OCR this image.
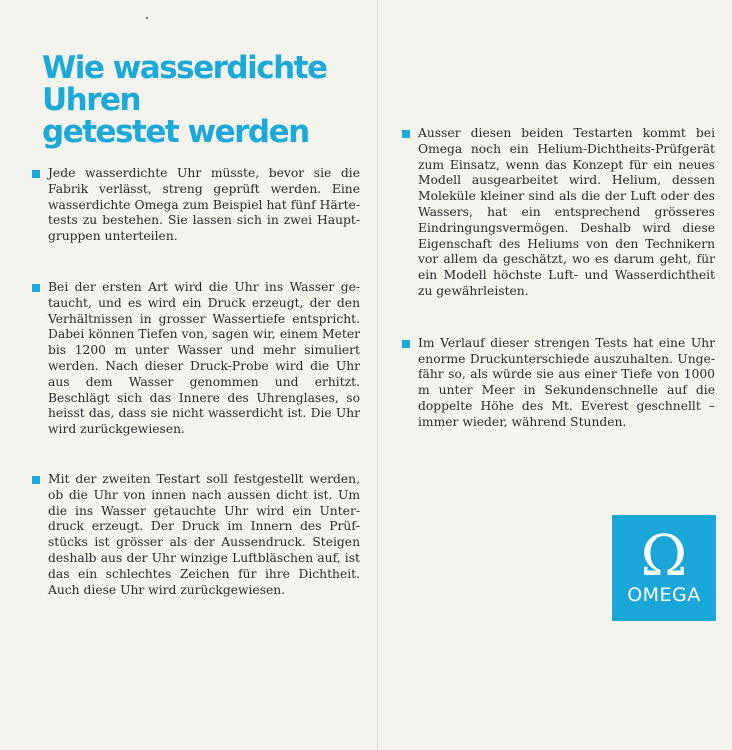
Wie wasserdichte Uhren
getestet werden
Jede wasserdichte Uhr müsste, bevor sie die Fabrik verlässt, streng geprüft werden. Eine wasserdichte Omega zum Beispiel hat fünf Härtetests zu bestehen. Sie lassen sich in zwei Hauptgruppen unterteilen.
Bei der ersten Art wird die Uhr ins Wasser getaucht, und es wird ein Druck erzeugt, der den Verhältnissen in grosser Wassertiefe entspricht. Dabei können Tiefen von, sagen wir, einem Meter bis 1200 m unter Wasser und mehr simuliert werden. Nach dieser Druck-Probe wird die Uhr aus dem Wasser genommen und erhitzt. Beschlägt sich das Innere des Uhrenglases, so heisst das, dass sie nicht wasserdicht ist. Die Uhr wird zurückgewiesen.
Mit der zweiten Testart soll festgestellt werden, ob die Uhr von innen nach aussen dicht ist. Um die ins Wasser getauchte Uhr wird ein Unterdruck erzeugt. Der Druck im Innern des Prüfstücks ist grösser als der Aussendruck. Steigen deshalb aus der Uhr winzige Luftbläschen auf, ist das ein schlechtes Zeichen für ihre Dichtheit. Auch diese Uhr wird zurückgewiesen.
Ausser diesen beiden Testarten kommt bei Omega noch ein Helium-Dichtheits-Prüfgerät zum Einsatz, wenn das Konzept für ein neues Modell ausgearbeitet wird. Helium, dessen Moleküle kleiner sind als die der Luft oder des Wassers, hat ein entsprechend grösseres Eindringungsvermögen. Deshalb wird diese Eigenschaft des Heliums von den Technikern vor allem da geschätzt, wo es darum geht, für ein Modell höchste Luft- und Wasserdichtheit zu gewährleisten.
Im Verlauf dieser strengen Tests hat eine Uhr enorme Druckunterschiede auszuhalten. Ungefähr so, als würde sie aus einer Tiefe von 1000 m unter Meer in Sekundenschnelle auf die doppelte Höhe des Mt. Everest geschnellt – immer wieder, während Stunden.
Ω
OMEGA
